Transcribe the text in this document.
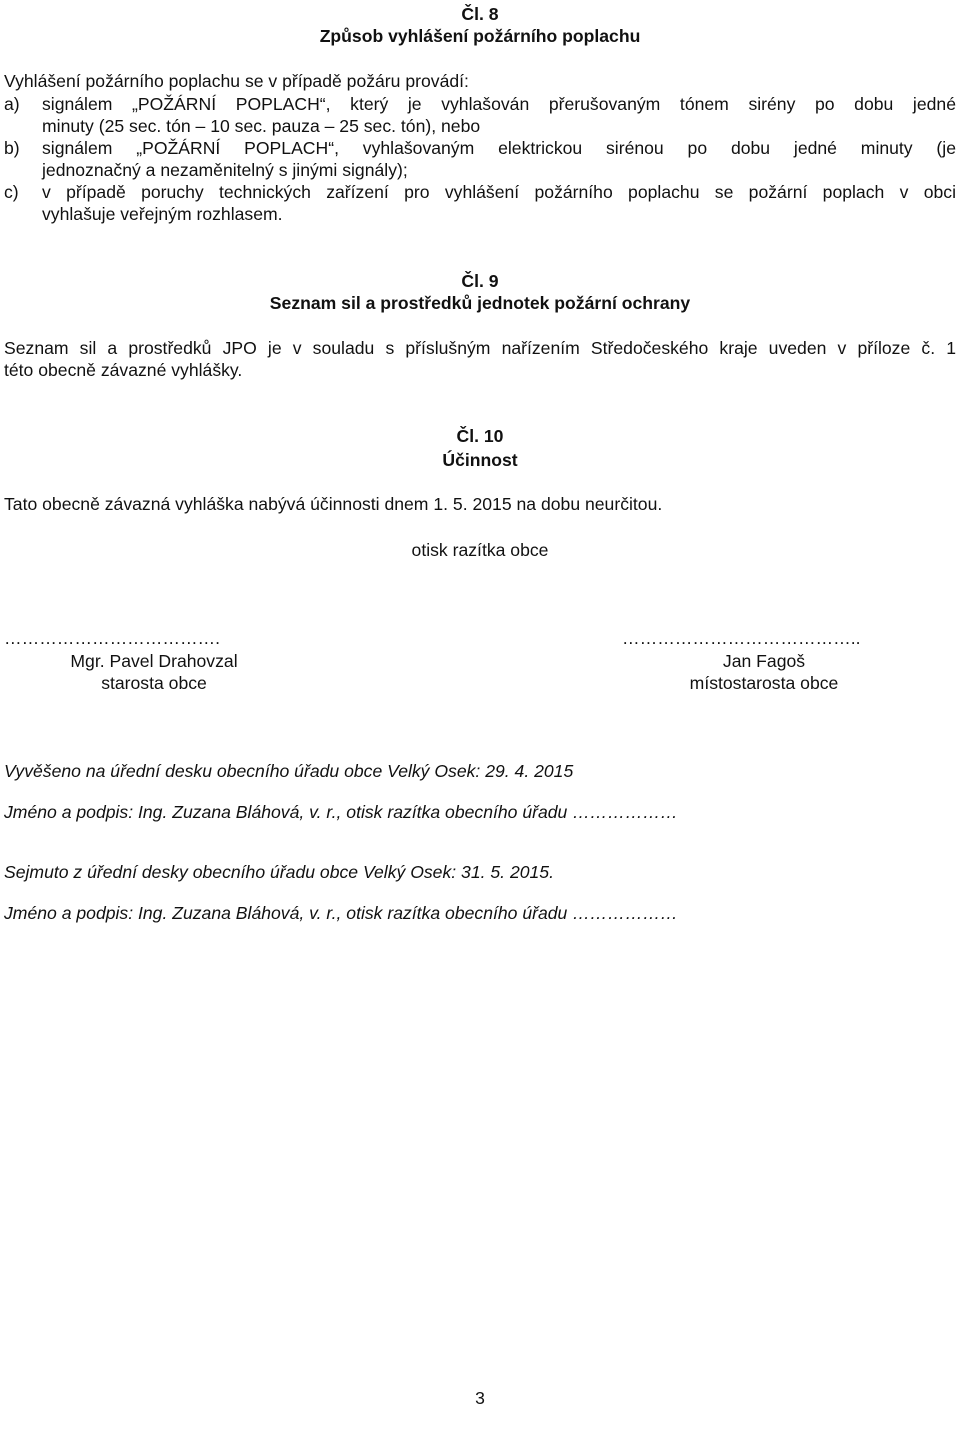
Čl. 8
Způsob vyhlášení požárního poplachu
Vyhlášení požárního poplachu se v případě požáru provádí:
a)	signálem „POŽÁRNÍ POPLACH“, který je vyhlašován přerušovaným tónem sirény po dobu jedné
minuty (25 sec. tón – 10 sec. pauza – 25 sec. tón), nebo
b)	signálem „POŽÁRNÍ POPLACH“, vyhlašovaným elektrickou sirénou po dobu jedné minuty (je
jednoznačný a nezaměnitelný s jinými signály);
c)	v případě poruchy technických zařízení pro vyhlášení požárního poplachu se požární poplach v obci
vyhlašuje veřejným rozhlasem.
Čl. 9
Seznam sil a prostředků jednotek požární ochrany
Seznam sil a prostředků JPO je v souladu s příslušným nařízením Středočeského kraje uveden v příloze č. 1
této obecně závazné vyhlášky.
Čl. 10
Účinnost
Tato obecně závazná vyhláška nabývá účinnosti dnem 1. 5. 2015 na dobu neurčitou.
otisk razítka obce
……………………………….
Mgr. Pavel Drahovzal
starosta obce
…………………………………..
Jan Fagoš
místostarosta obce
Vyvěšeno na úřední desku obecního úřadu obce Velký Osek: 29. 4. 2015
Jméno a podpis: Ing. Zuzana Bláhová, v. r., otisk razítka obecního úřadu ………………
Sejmuto z úřední desky obecního úřadu obce Velký Osek: 31. 5. 2015.
Jméno a podpis: Ing. Zuzana Bláhová, v. r., otisk razítka obecního úřadu ………………
3
